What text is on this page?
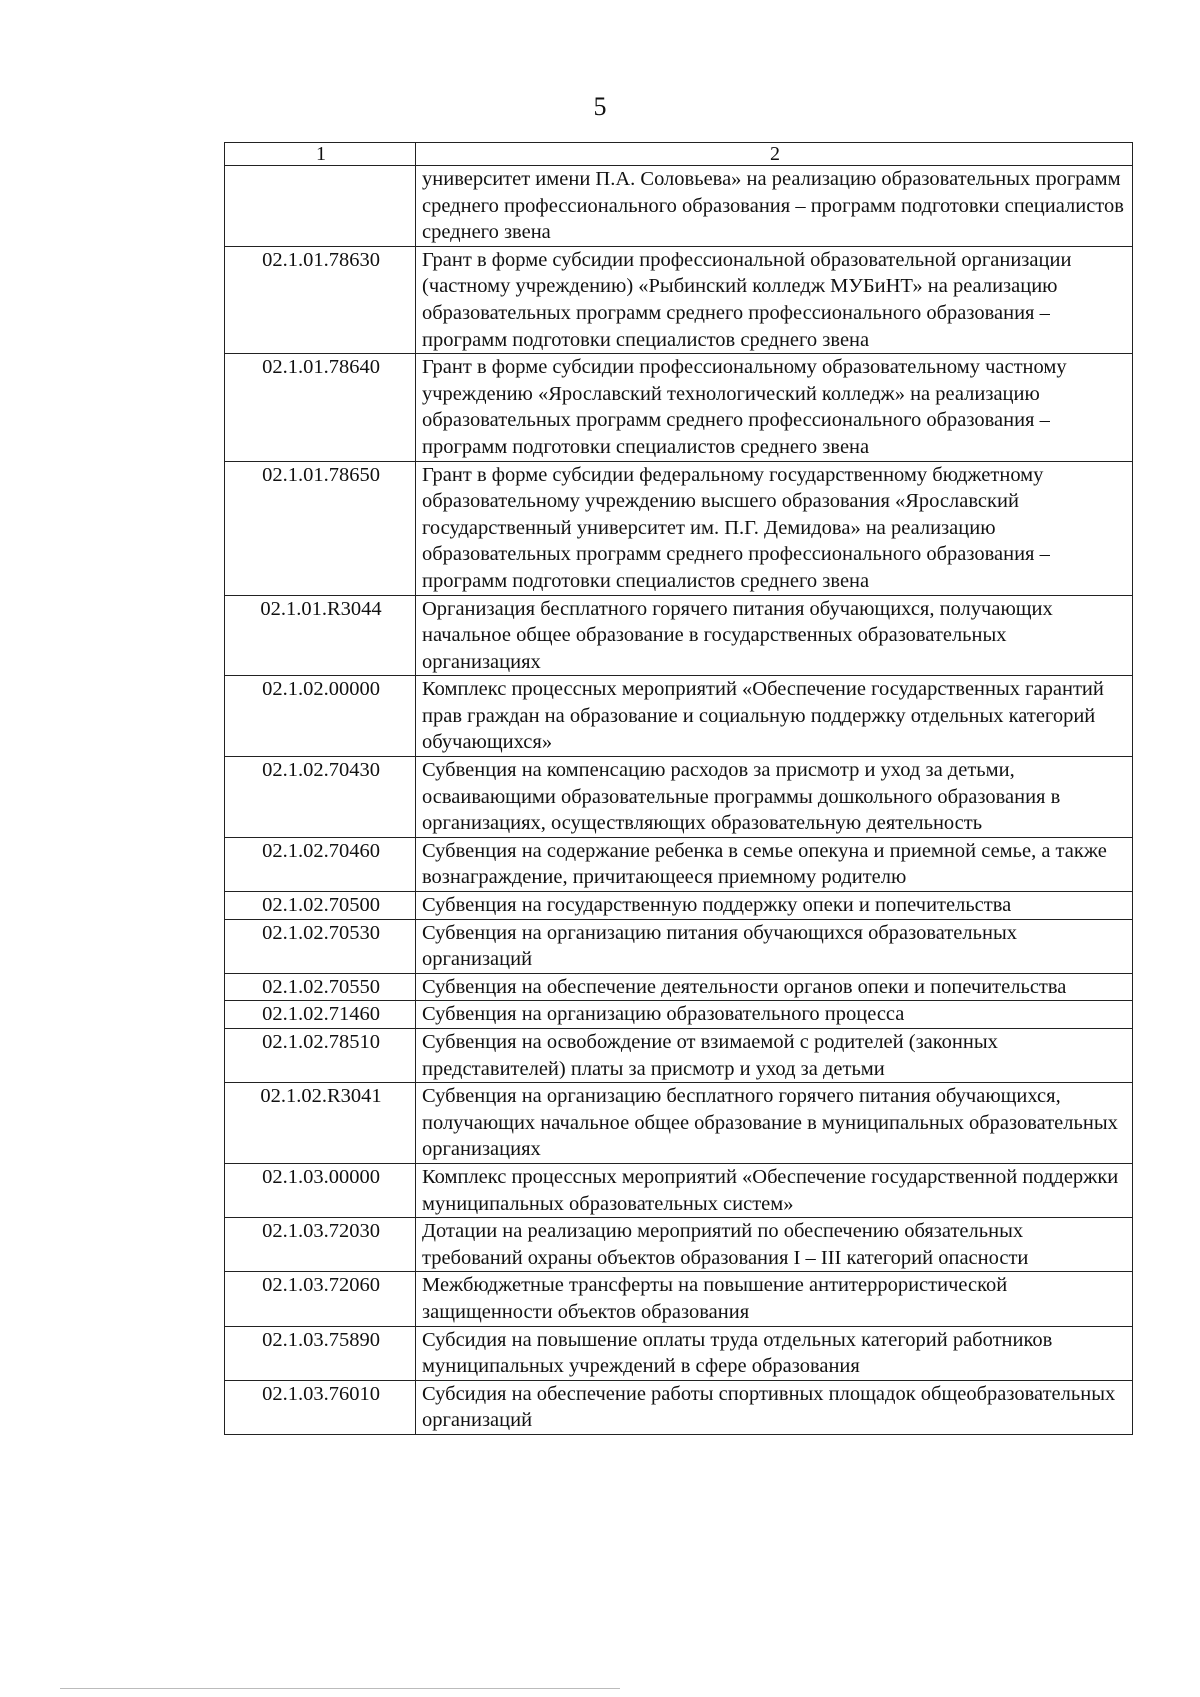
5
1	2
	университет имени П.А. Соловьева» на реализацию образовательных программ среднего профессионального образования – программ подготовки специалистов среднего звена
02.1.01.78630	Грант в форме субсидии профессиональной образовательной организации (частному учреждению) «Рыбинский колледж МУБиНТ» на реализацию образовательных программ среднего профессионального образования – программ подготовки специалистов среднего звена
02.1.01.78640	Грант в форме субсидии профессиональному образовательному частному учреждению «Ярославский технологический колледж» на реализацию образовательных программ среднего профессионального образования – программ подготовки специалистов среднего звена
02.1.01.78650	Грант в форме субсидии федеральному государственному бюджетному образовательному учреждению высшего образования «Ярославский государственный университет им. П.Г. Демидова» на реализацию образовательных программ среднего профессионального образования – программ подготовки специалистов среднего звена
02.1.01.R3044	Организация бесплатного горячего питания обучающихся, получающих начальное общее образование в государственных образовательных организациях
02.1.02.00000	Комплекс процессных мероприятий «Обеспечение государственных гарантий прав граждан на образование и социальную поддержку отдельных категорий обучающихся»
02.1.02.70430	Субвенция на компенсацию расходов за присмотр и уход за детьми, осваивающими образовательные программы дошкольного образования в организациях, осуществляющих образовательную деятельность
02.1.02.70460	Субвенция на содержание ребенка в семье опекуна и приемной семье, а также вознаграждение, причитающееся приемному родителю
02.1.02.70500	Субвенция на государственную поддержку опеки и попечительства
02.1.02.70530	Субвенция на организацию питания обучающихся образовательных организаций
02.1.02.70550	Субвенция на обеспечение деятельности органов опеки и попечительства
02.1.02.71460	Субвенция на организацию образовательного процесса
02.1.02.78510	Субвенция на освобождение от взимаемой с родителей (законных представителей) платы за присмотр и уход за детьми
02.1.02.R3041	Субвенция на организацию бесплатного горячего питания обучающихся, получающих начальное общее образование в муниципальных образовательных организациях
02.1.03.00000	Комплекс процессных мероприятий «Обеспечение государственной поддержки муниципальных образовательных систем»
02.1.03.72030	Дотации на реализацию мероприятий по обеспечению обязательных требований охраны объектов образования I – III категорий опасности
02.1.03.72060	Межбюджетные трансферты на повышение антитеррористической защищенности объектов образования
02.1.03.75890	Субсидия на повышение оплаты труда отдельных категорий работников муниципальных учреждений в сфере образования
02.1.03.76010	Субсидия на обеспечение работы спортивных площадок общеобразовательных организаций
